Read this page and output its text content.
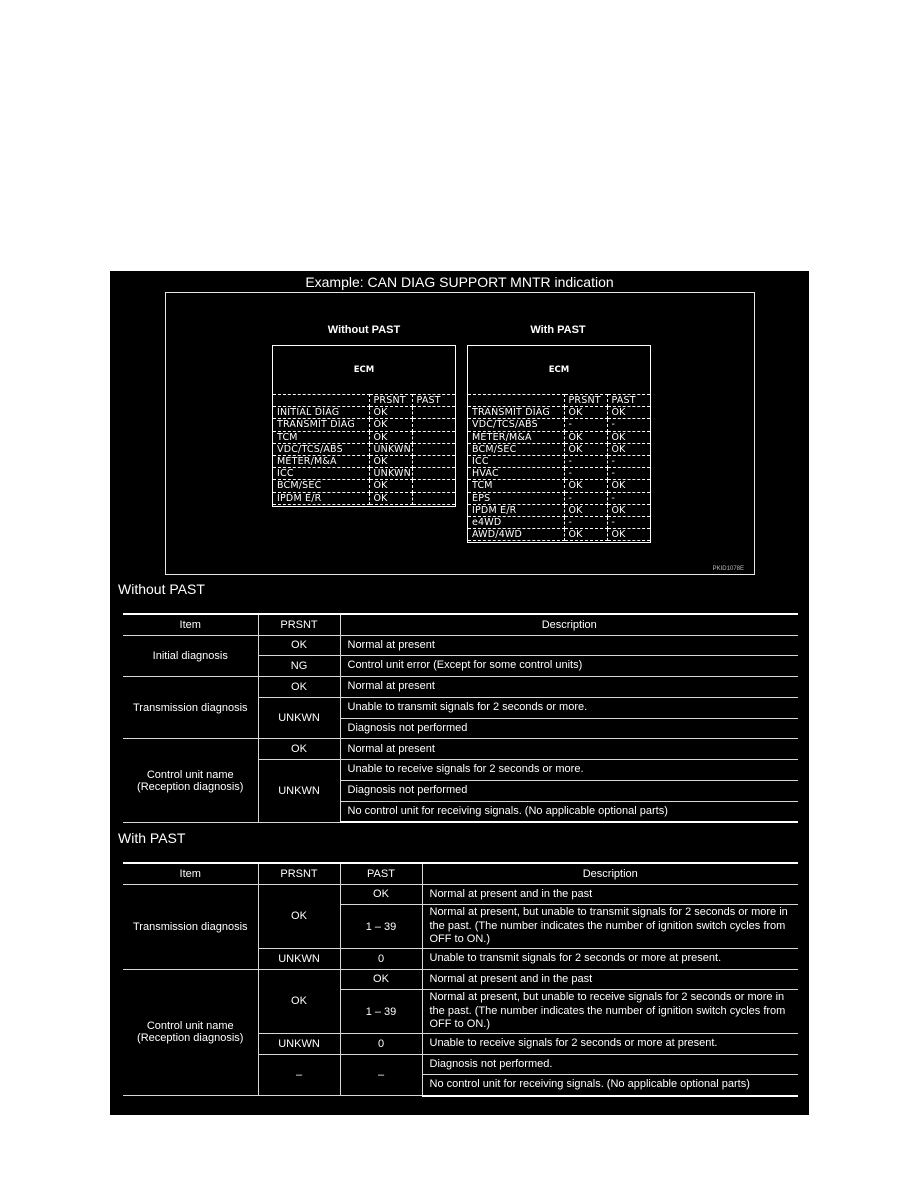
Example: CAN DIAG SUPPORT MNTR indication
Without PAST	With PAST
ECM
	PRSNT	PAST
INITIAL DIAG	OK	
TRANSMIT DIAG	OK	
TCM	OK	
VDC/TCS/ABS	UNKWN	
METER/M&A	OK	
ICC	UNKWN	
BCM/SEC	OK	
IPDM E/R	OK	
ECM
	PRSNT	PAST
TRANSMIT DIAG	OK	OK
VDC/TCS/ABS	-	-
METER/M&A	OK	OK
BCM/SEC	OK	OK
ICC	-	-
HVAC	-	-
TCM	OK	OK
EPS	-	-
IPDM E/R	OK	OK
e4WD	-	-
AWD/4WD	OK	OK
PKID1078E
Without PAST
Item	PRSNT	Description
Initial diagnosis	OK	Normal at present
	NG	Control unit error (Except for some control units)
Transmission diagnosis	OK	Normal at present
	UNKWN	Unable to transmit signals for 2 seconds or more.
		Diagnosis not performed
Control unit name
(Reception diagnosis)	OK	Normal at present
	UNKWN	Unable to receive signals for 2 seconds or more.
		Diagnosis not performed
		No control unit for receiving signals. (No applicable optional parts)
With PAST
Item	PRSNT	PAST	Description
Transmission diagnosis	OK	OK	Normal at present and in the past
		1 – 39	Normal at present, but unable to transmit signals for 2 seconds or more in the past. (The number indicates the number of ignition switch cycles from OFF to ON.)
	UNKWN	0	Unable to transmit signals for 2 seconds or more at present.
Control unit name
(Reception diagnosis)	OK	OK	Normal at present and in the past
		1 – 39	Normal at present, but unable to receive signals for 2 seconds or more in the past. (The number indicates the number of ignition switch cycles from OFF to ON.)
	UNKWN	0	Unable to receive signals for 2 seconds or more at present.
	–	–	Diagnosis not performed.
			No control unit for receiving signals. (No applicable optional parts)
